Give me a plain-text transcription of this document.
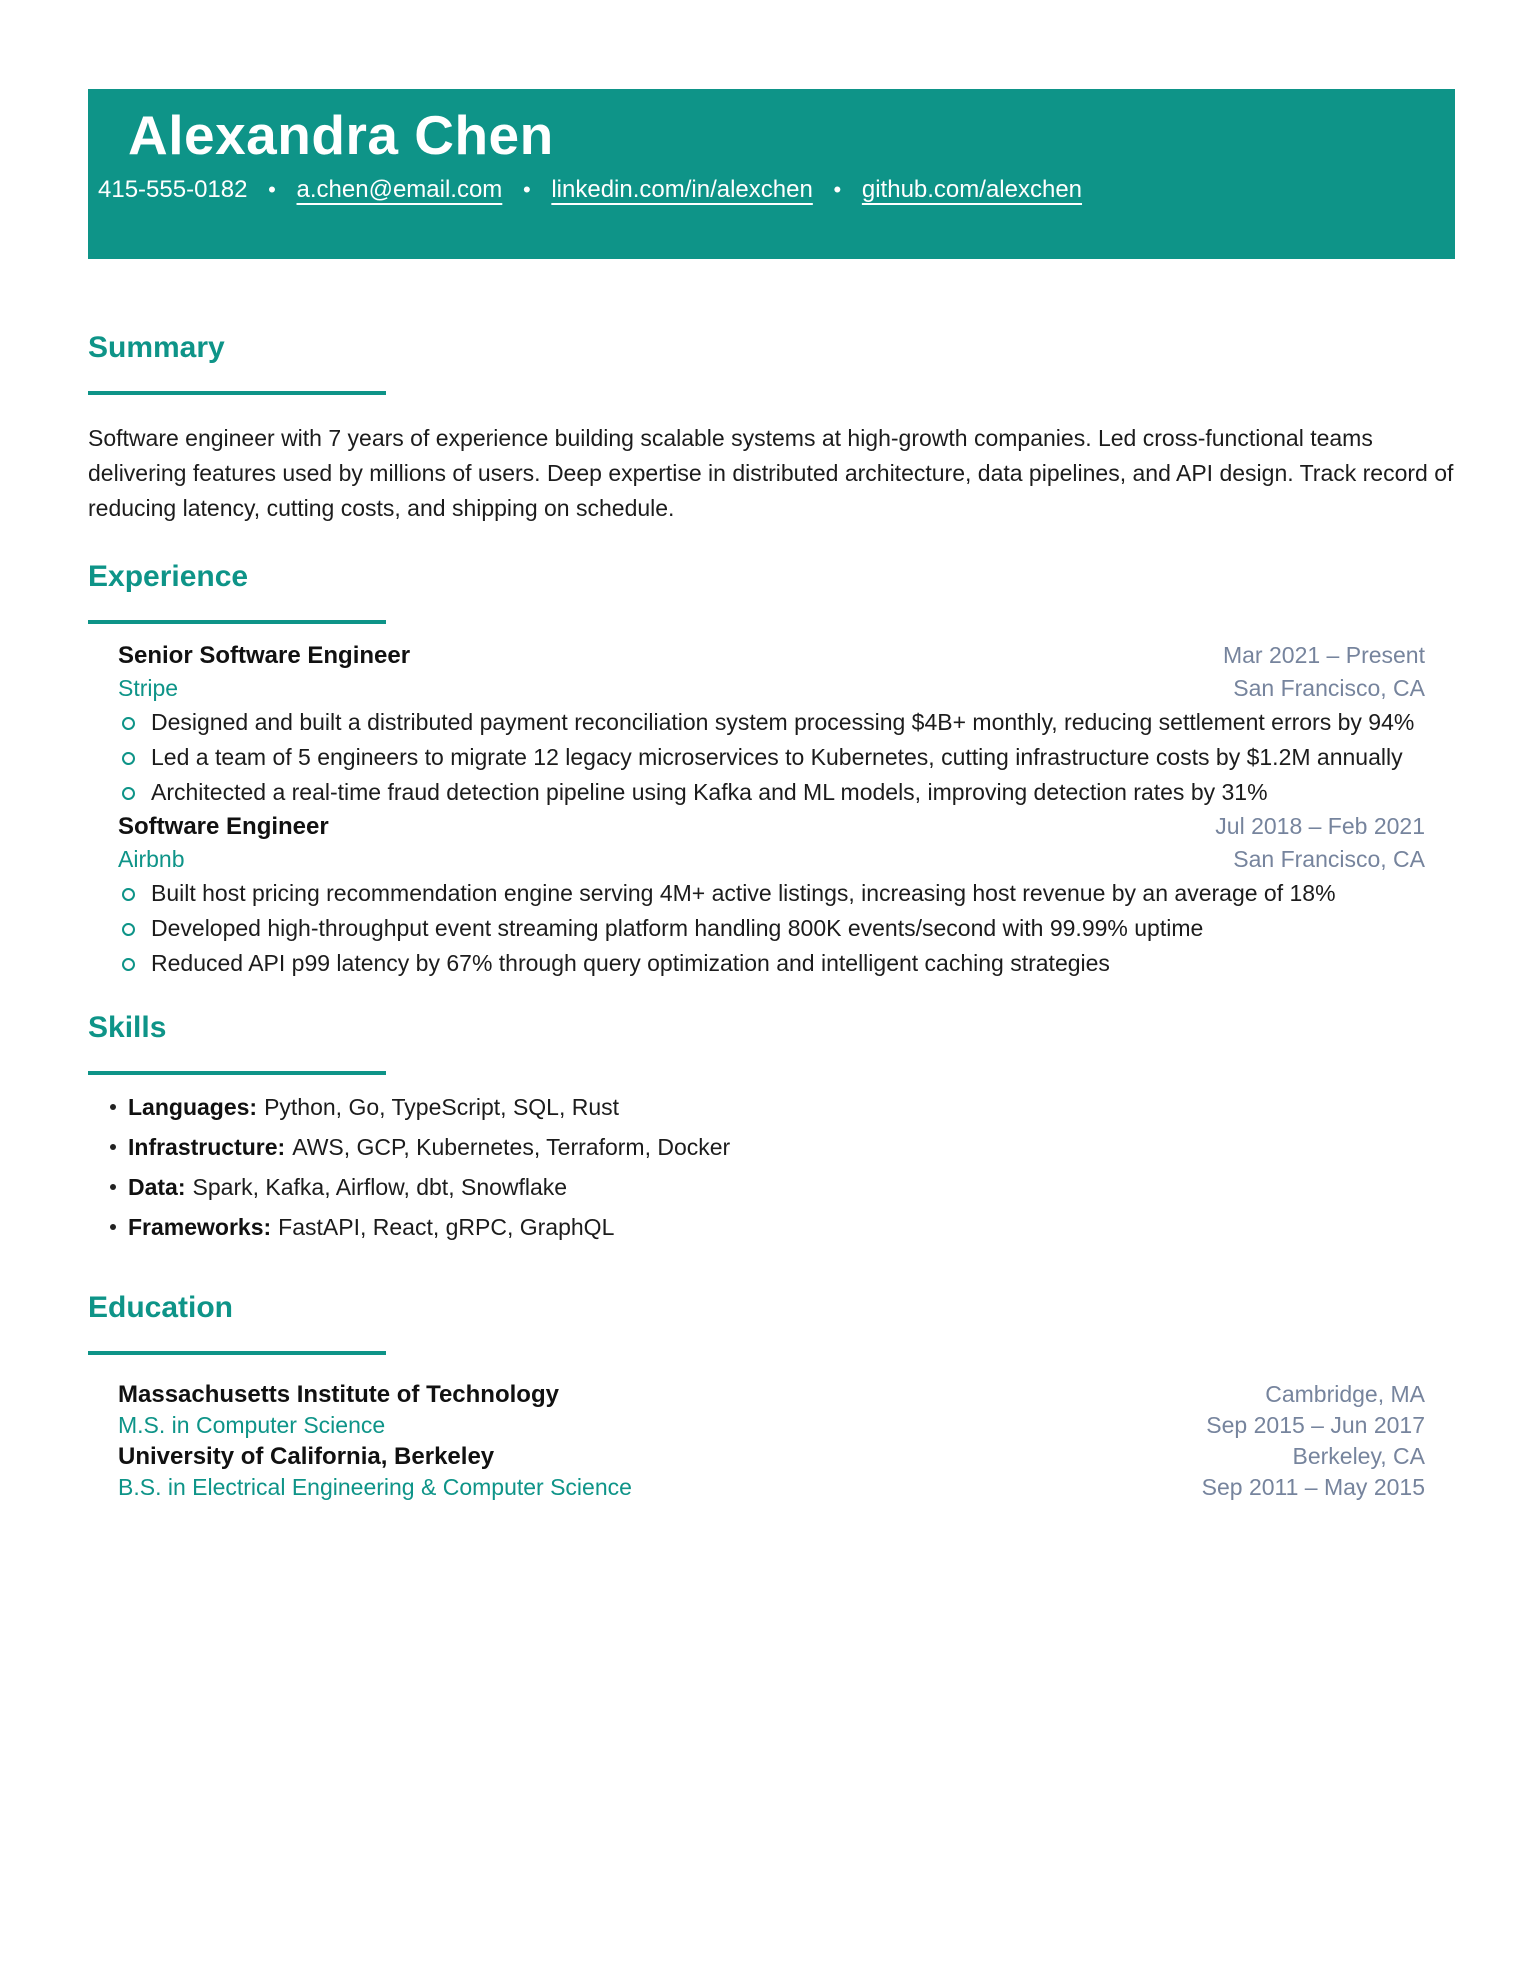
Alexandra Chen
415-555-0182 • a.chen@email.com • linkedin.com/in/alexchen • github.com/alexchen
Summary

Software engineer with 7 years of experience building scalable systems at high-growth companies. Led cross-functional teams delivering features used by millions of users. Deep expertise in distributed architecture, data pipelines, and API design. Track record of reducing latency, cutting costs, and shipping on schedule.

Experience
Senior Software Engineer	Mar 2021 – Present
Stripe	San Francisco, CA
Designed and built a distributed payment reconciliation system processing $4B+ monthly, reducing settlement errors by 94%
Led a team of 5 engineers to migrate 12 legacy microservices to Kubernetes, cutting infrastructure costs by $1.2M annually
Architected a real-time fraud detection pipeline using Kafka and ML models, improving detection rates by 31%
Software Engineer	Jul 2018 – Feb 2021
Airbnb	San Francisco, CA
Built host pricing recommendation engine serving 4M+ active listings, increasing host revenue by an average of 18%
Developed high-throughput event streaming platform handling 800K events/second with 99.99% uptime
Reduced API p99 latency by 67% through query optimization and intelligent caching strategies
Skills
Languages: Python, Go, TypeScript, SQL, Rust
Infrastructure: AWS, GCP, Kubernetes, Terraform, Docker
Data: Spark, Kafka, Airflow, dbt, Snowflake
Frameworks: FastAPI, React, gRPC, GraphQL
Education
Massachusetts Institute of Technology	Cambridge, MA
M.S. in Computer Science	Sep 2015 – Jun 2017
University of California, Berkeley	Berkeley, CA
B.S. in Electrical Engineering & Computer Science	Sep 2011 – May 2015
